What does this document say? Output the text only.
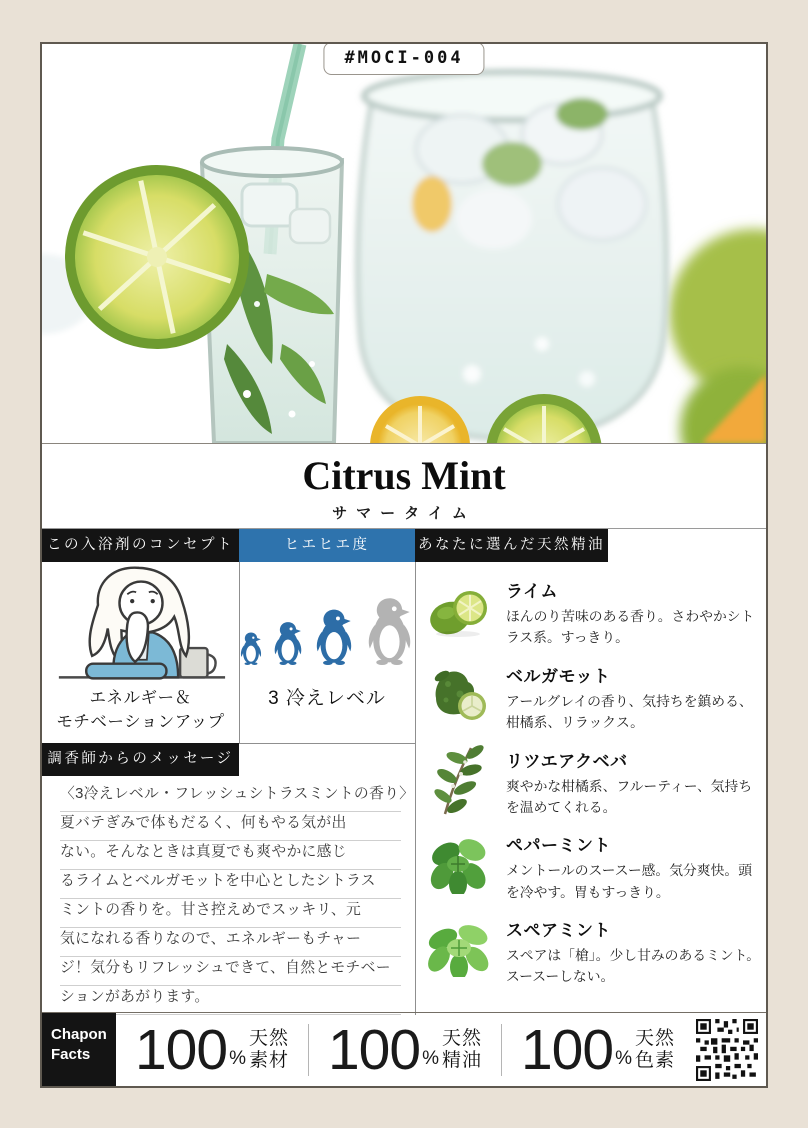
#MOCI-004
Citrus Mint
サマータイム
この入浴剤のコンセプト	ヒエヒエ度	あなたに選んだ天然精油
調香師からのメッセージ
エネルギー＆
モチベーションアップ
3 冷えレベル
ライム
ほんのり苦味のある香り。さわやかシトラス系。すっきり。
ベルガモット
アールグレイの香り、気持ちを鎮める、柑橘系、リラックス。
リツエアクベバ
爽やかな柑橘系、フルーティー、気持ちを温めてくれる。
ペパーミント
メントールのスースー感。気分爽快。頭を冷やす。胃もすっきり。
スペアミント
スペアは「槍」。少し甘みのあるミント。スースーしない。
〈3冷えレベル・フレッシュシトラスミントの香り〉
夏バテぎみで体もだるく、何もやる気が出
ない。そんなときは真夏でも爽やかに感じ
るライムとベルガモットを中心としたシトラス
ミントの香りを。甘さ控えめでスッキリ、元
気になれる香りなので、エネルギーもチャー
ジ！気分もリフレッシュできて、自然とモチベー
ションがあがります。
Chapon
Facts 100 %
天然
素材 100 %
天然
精油 100 %
天然
色素
